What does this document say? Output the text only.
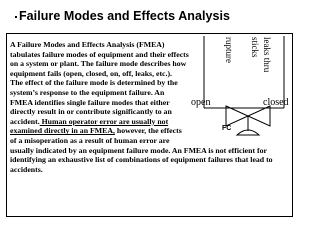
Failure Modes and Effects Analysis
A Failure Modes and Effects Analysis (FMEA)
tabulates failure modes of equipment and their effects
on a system or plant. The failure mode describes how
equipment fails (open, closed, on, off, leaks, etc.).
The effect of the failure mode is determined by the
system’s response to the equipment failure. An
FMEA identifies single failure modes that either
directly result in or contribute significantly to an
accident. Human operator error are usually not
examined directly in an FMEA, however, the effects
of a misoperation as a result of human error are
usually indicated by an equipment failure mode. An FMEA is not efficient for
identifying an exhaustive list of combinations of equipment failures that lead to
accidents.
rupture sticks leaks thru
open	closed
FC
